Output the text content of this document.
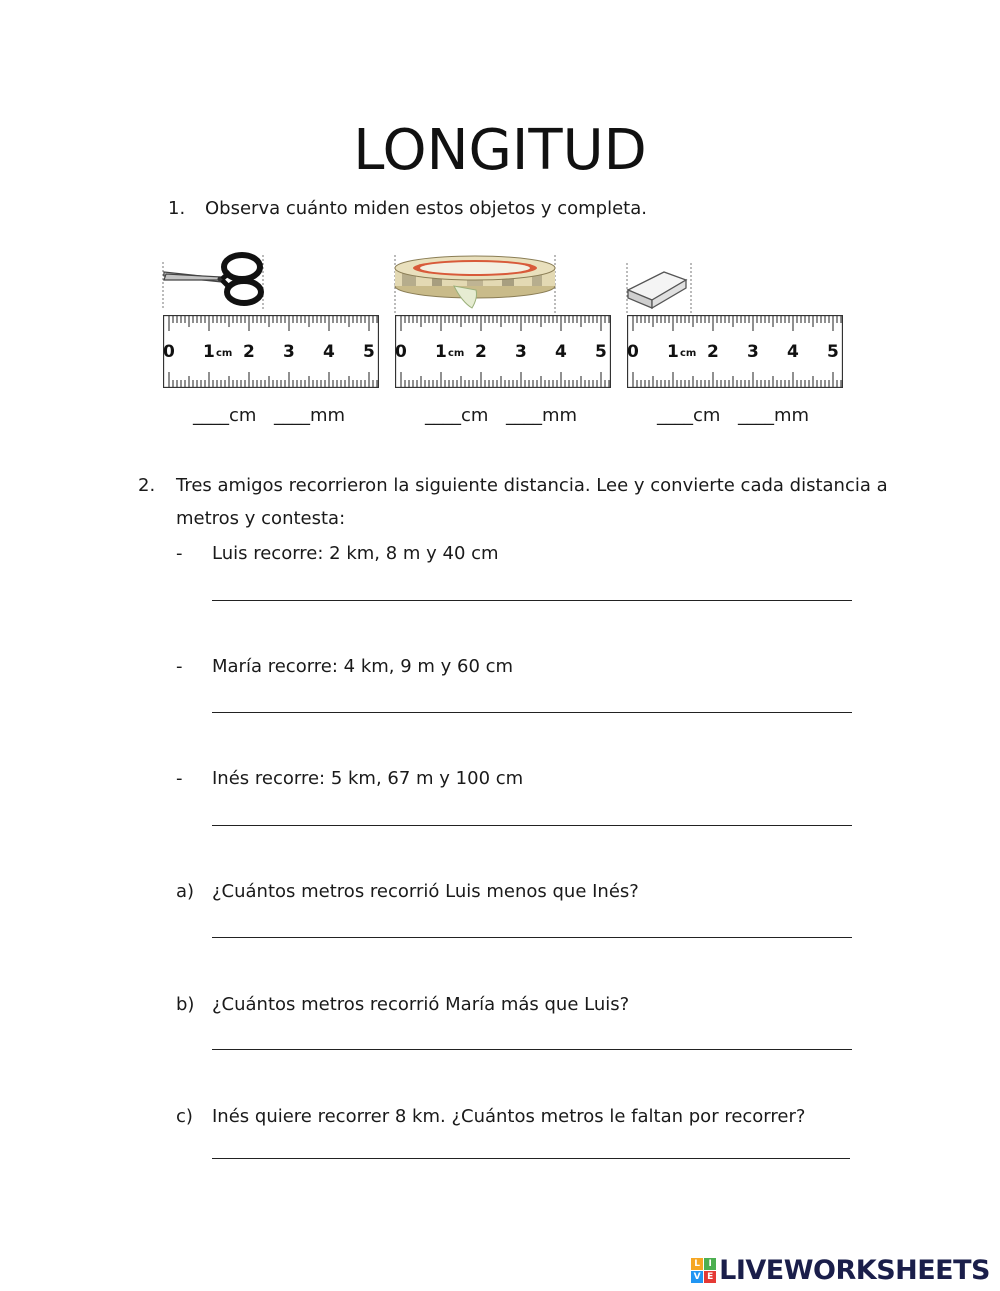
LONGITUD
1. Observa cuánto miden estos objetos y completa.
0 1 2 3 4 5
cm	0 1 2 3 4 5
cm	0 1 2 3 4 5
cm
____cm ____mm	____cm ____mm	____cm ____mm
2. Tres amigos recorrieron la siguiente distancia. Lee y convierte cada distancia a
metros y contesta:
- Luis recorre: 2 km, 8 m y 40 cm
- María recorre: 4 km, 9 m y 60 cm
- Inés recorre: 5 km, 67 m y 100 cm
a) ¿Cuántos metros recorrió Luis menos que Inés?
b) ¿Cuántos metros recorrió María más que Luis?
c) Inés quiere recorrer 8 km. ¿Cuántos metros le faltan por recorrer?
L I
V E LIVEWORKSHEETS
